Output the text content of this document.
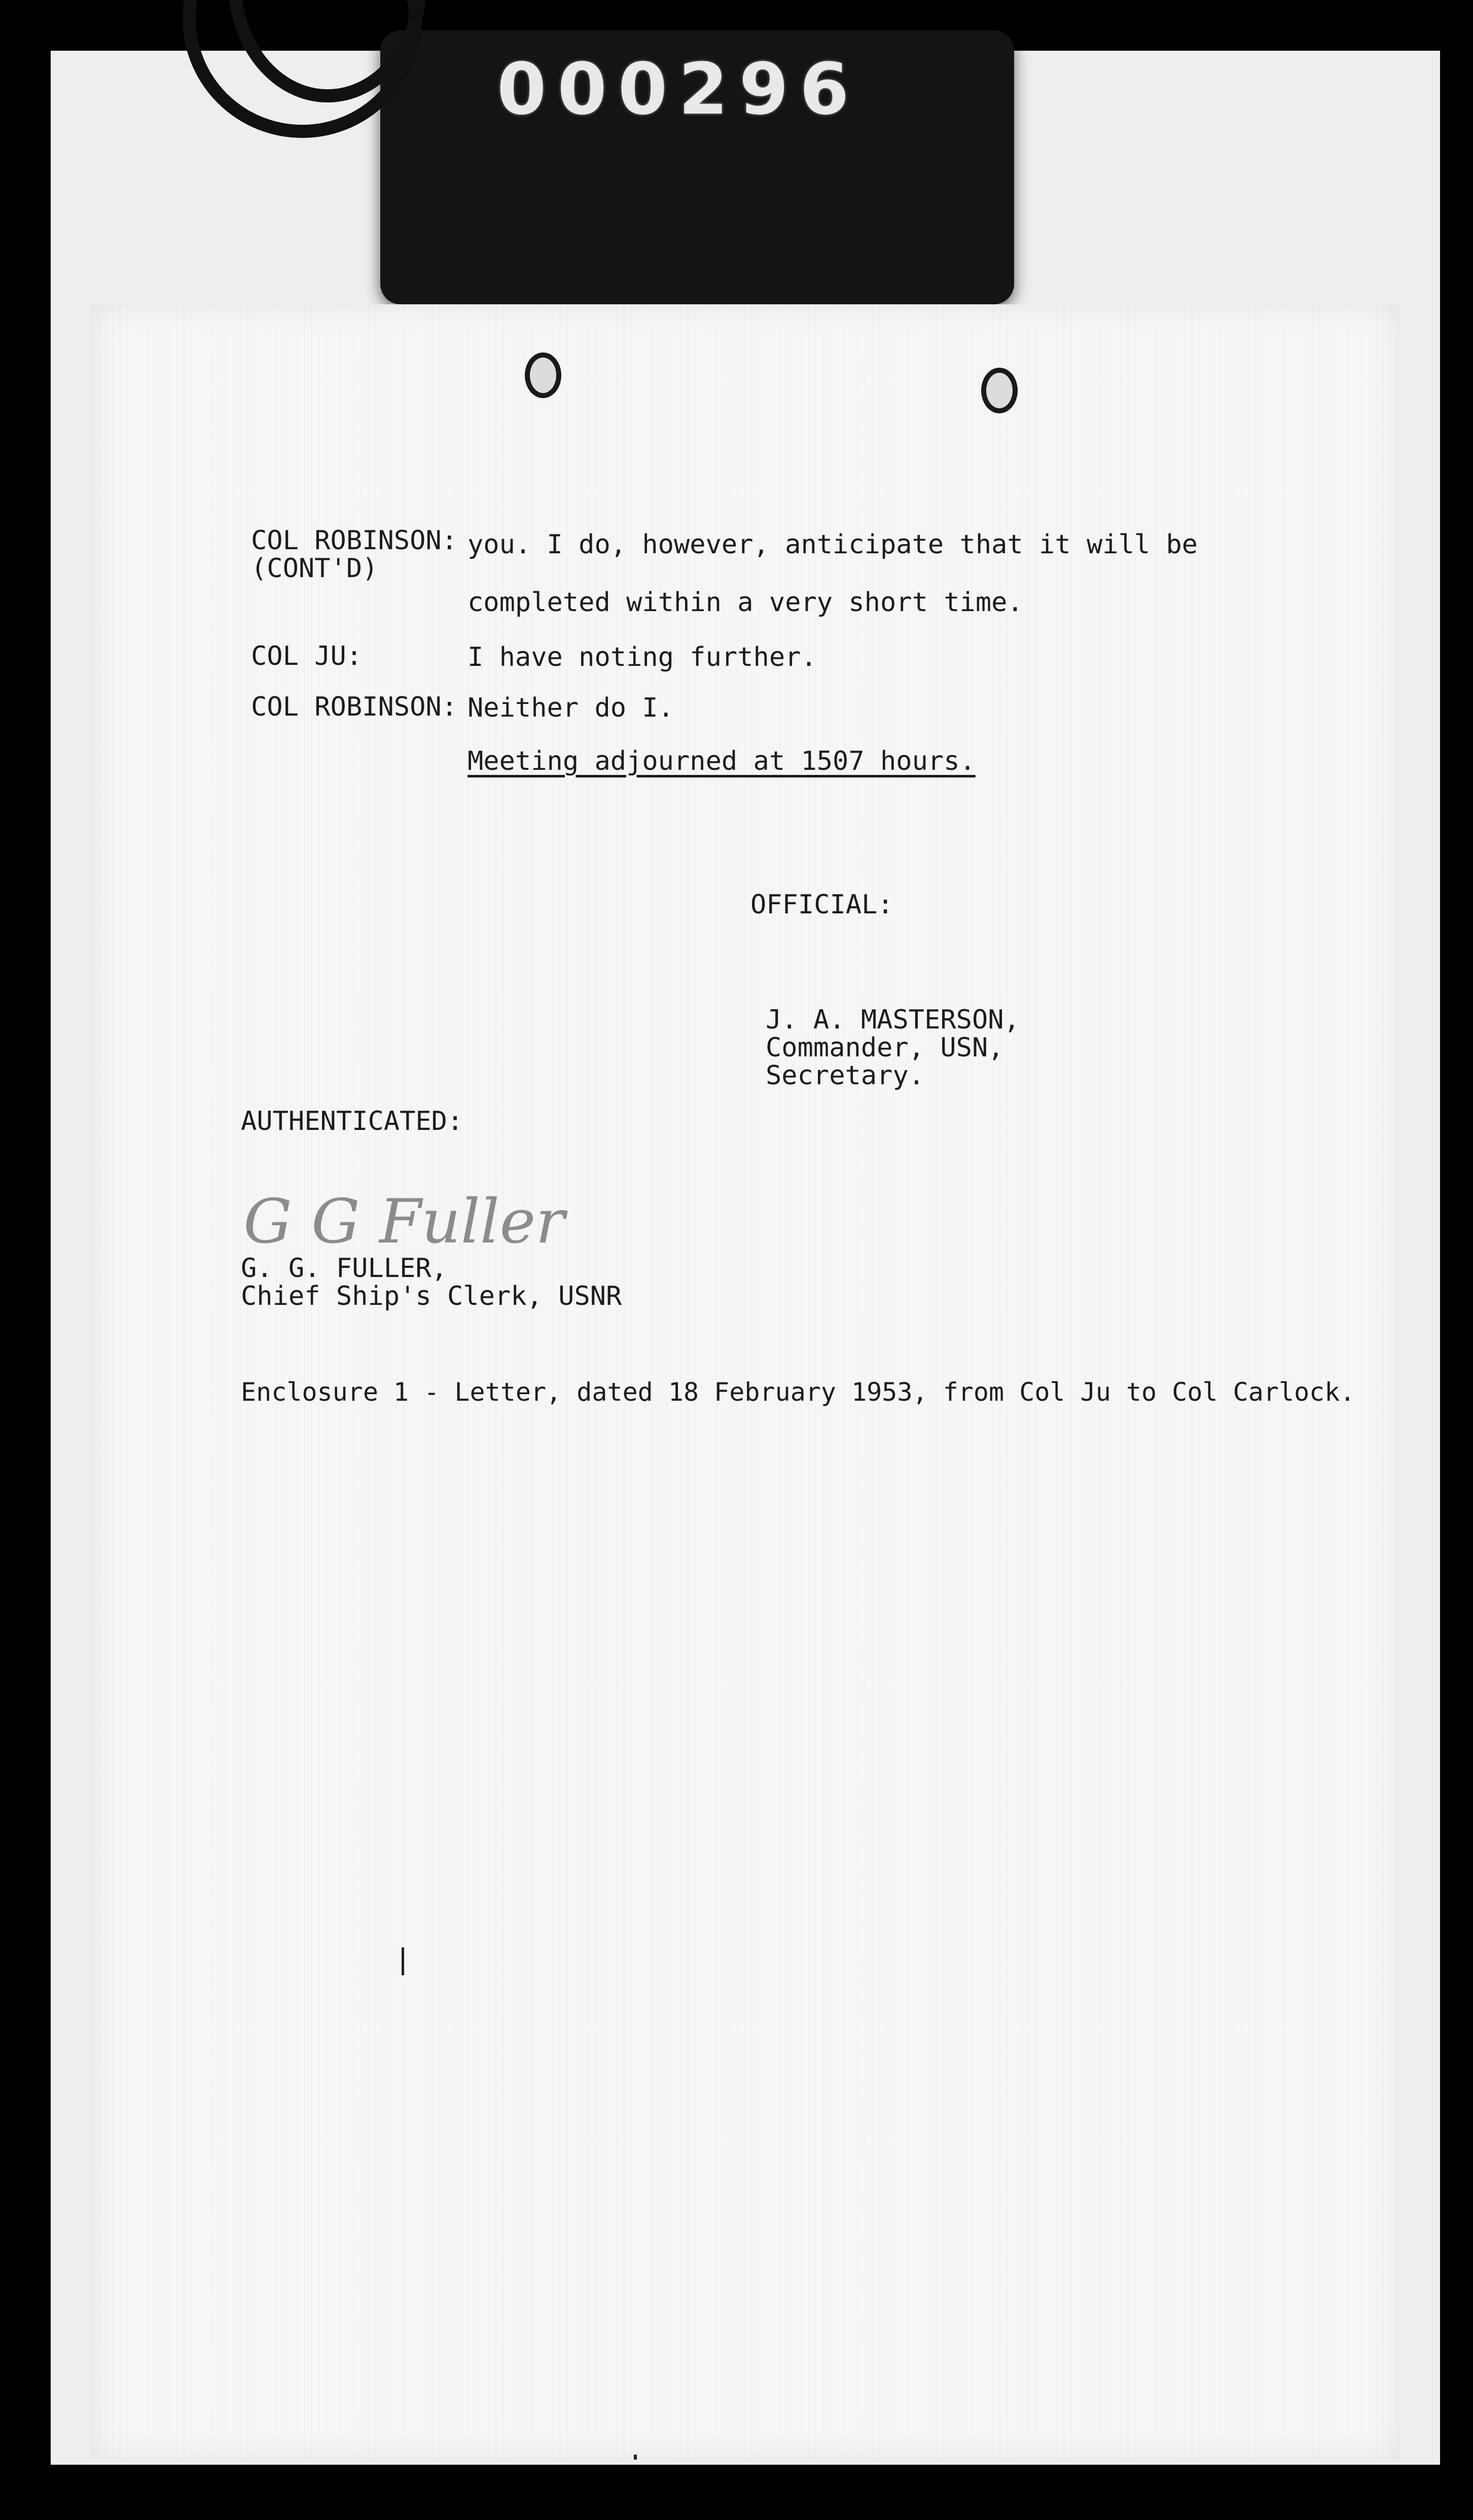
000296
COL ROBINSON:
(CONT'D)
you. I do, however, anticipate that it will be
completed within a very short time.
COL JU:	I have noting further.
COL ROBINSON: Neither do I.
Meeting adjourned at 1507 hours.
OFFICIAL:
J. A. MASTERSON,
Commander, USN,
Secretary.
AUTHENTICATED:
G G Fuller
G. G. FULLER,
Chief Ship's Clerk, USNR
Enclosure 1 - Letter, dated 18 February 1953, from Col Ju to Col Carlock.
